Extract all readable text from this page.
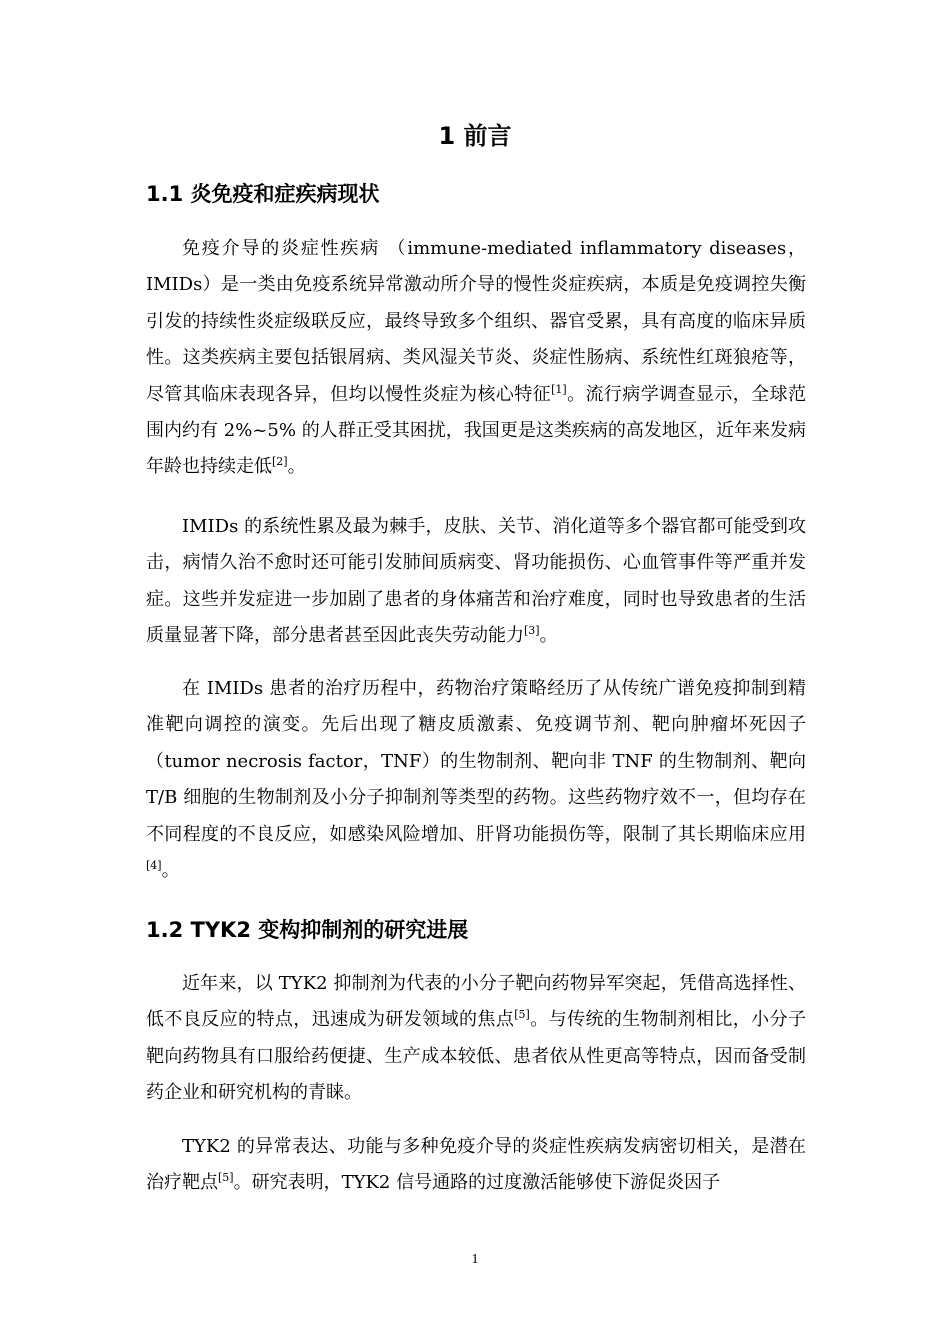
1 前言
1.1 炎免疫和症疾病现状

免疫介导的炎症性疾病 （immune-mediated inflammatory diseases，IMIDs）是一类由免疫系统异常激动所介导的慢性炎症疾病，本质是免疫调控失衡引发的持续性炎症级联反应，最终导致多个组织、器官受累，具有高度的临床异质性。这类疾病主要包括银屑病、类风湿关节炎、炎症性肠病、系统性红斑狼疮等，尽管其临床表现各异，但均以慢性炎症为核心特征[1]。流行病学调查显示，全球范围内约有 2%~5% 的人群正受其困扰，我国更是这类疾病的高发地区，近年来发病年龄也持续走低[2]。

IMIDs 的系统性累及最为棘手，皮肤、关节、消化道等多个器官都可能受到攻击，病情久治不愈时还可能引发肺间质病变、肾功能损伤、心血管事件等严重并发症。这些并发症进一步加剧了患者的身体痛苦和治疗难度，同时也导致患者的生活质量显著下降，部分患者甚至因此丧失劳动能力[3]。

在 IMIDs 患者的治疗历程中，药物治疗策略经历了从传统广谱免疫抑制到精准靶向调控的演变。先后出现了糖皮质激素、免疫调节剂、靶向肿瘤坏死因子（tumor necrosis factor，TNF）的生物制剂、靶向非 TNF 的生物制剂、靶向 T/B 细胞的生物制剂及小分子抑制剂等类型的药物。这些药物疗效不一，但均存在不同程度的不良反应，如感染风险增加、肝肾功能损伤等，限制了其长期临床应用[4]。

1.2 TYK2 变构抑制剂的研究进展

近年来，以 TYK2 抑制剂为代表的小分子靶向药物异军突起，凭借高选择性、低不良反应的特点，迅速成为研发领域的焦点[5]。与传统的生物制剂相比，小分子靶向药物具有口服给药便捷、生产成本较低、患者依从性更高等特点，因而备受制药企业和研究机构的青睐。

TYK2 的异常表达、功能与多种免疫介导的炎症性疾病发病密切相关，是潜在治疗靶点[5]。研究表明，TYK2 信号通路的过度激活能够使下游促炎因子

1
